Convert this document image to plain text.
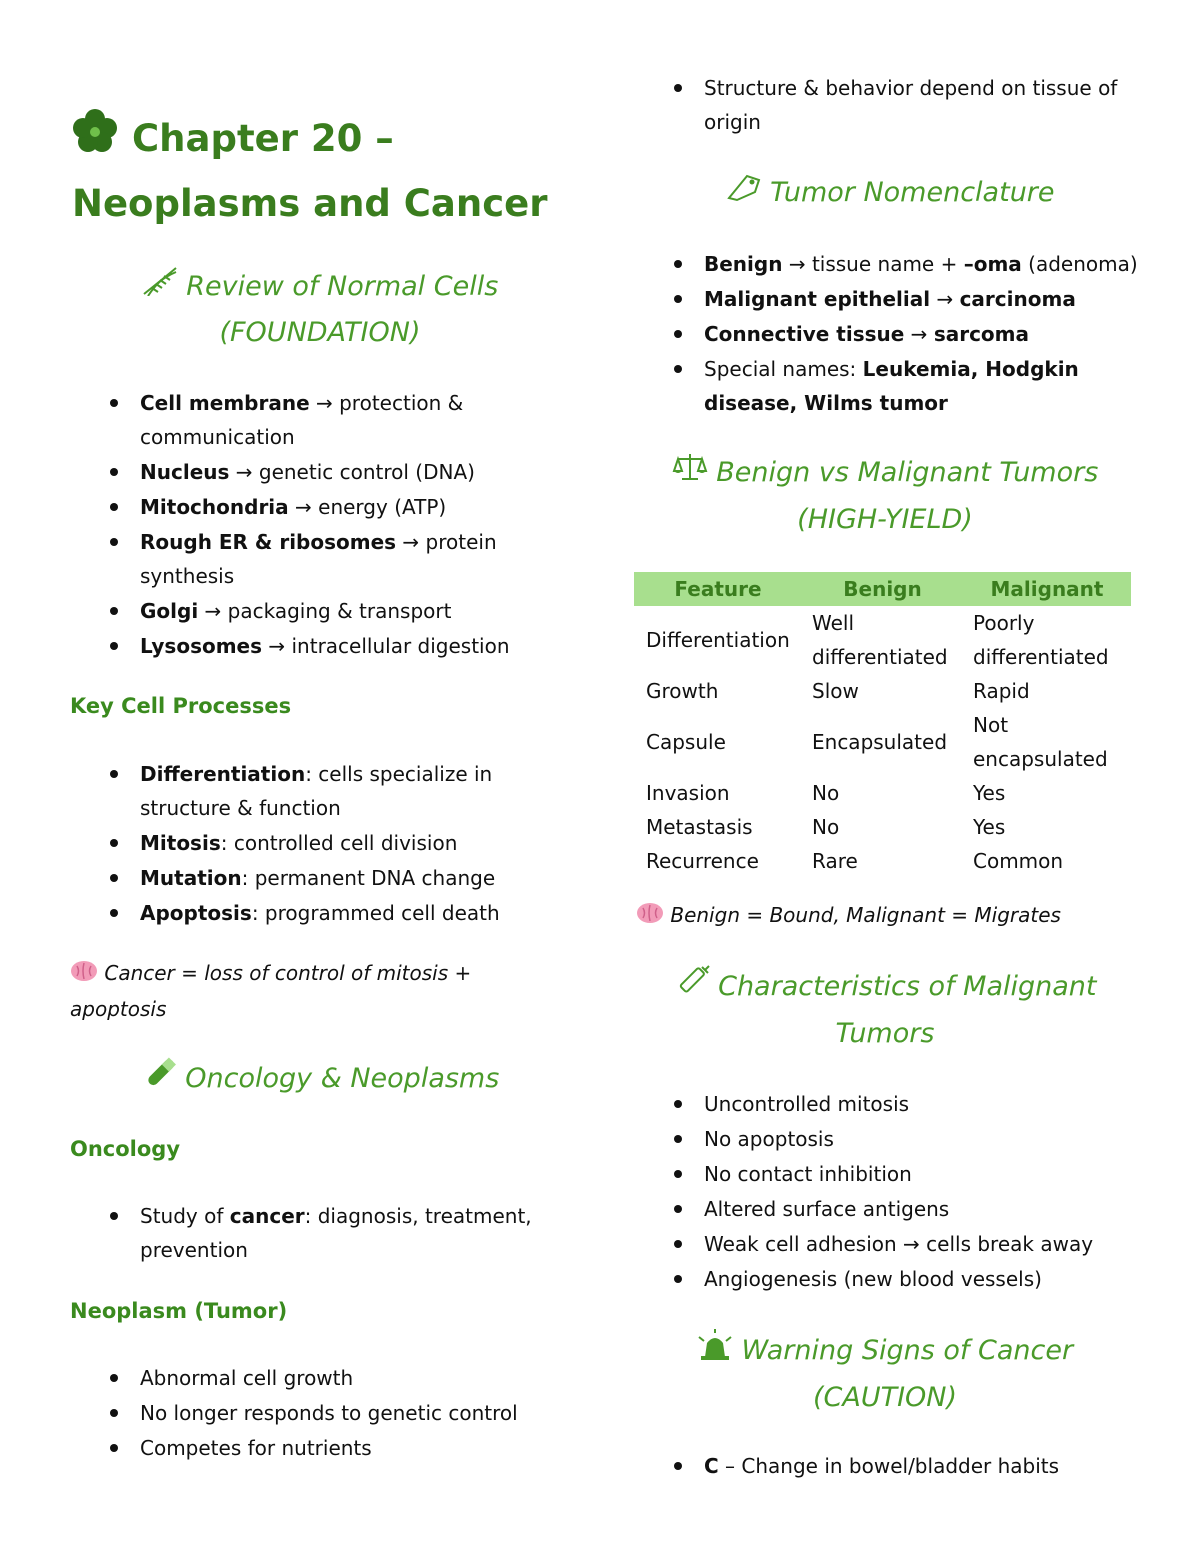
Chapter 20 –
Neoplasms and Cancer
Review of Normal Cells
(FOUNDATION)
Cell membrane → protection & communication
Nucleus → genetic control (DNA)
Mitochondria → energy (ATP)
Rough ER & ribosomes → protein synthesis
Golgi → packaging & transport
Lysosomes → intracellular digestion
Key Cell Processes
Differentiation: cells specialize in structure & function
Mitosis: controlled cell division
Mutation: permanent DNA change
Apoptosis: programmed cell death
Cancer = loss of control of mitosis + apoptosis
Oncology & Neoplasms
Oncology
Study of cancer: diagnosis, treatment, prevention
Neoplasm (Tumor)
Abnormal cell growth
No longer responds to genetic control
Competes for nutrients
Structure & behavior depend on tissue of origin
Tumor Nomenclature
Benign → tissue name + –oma (adenoma)
Malignant epithelial → carcinoma
Connective tissue → sarcoma
Special names: Leukemia, Hodgkin disease, Wilms tumor
Benign vs Malignant Tumors
(HIGH-YIELD)
Feature	Benign	Malignant
Differentiation	Well differentiated	Poorly differentiated
Growth	Slow	Rapid
Capsule	Encapsulated	Not encapsulated
Invasion	No	Yes
Metastasis	No	Yes
Recurrence	Rare	Common
Benign = Bound, Malignant = Migrates
Characteristics of Malignant
Tumors
Uncontrolled mitosis
No apoptosis
No contact inhibition
Altered surface antigens
Weak cell adhesion → cells break away
Angiogenesis (new blood vessels)
Warning Signs of Cancer
(CAUTION)
C – Change in bowel/bladder habits
